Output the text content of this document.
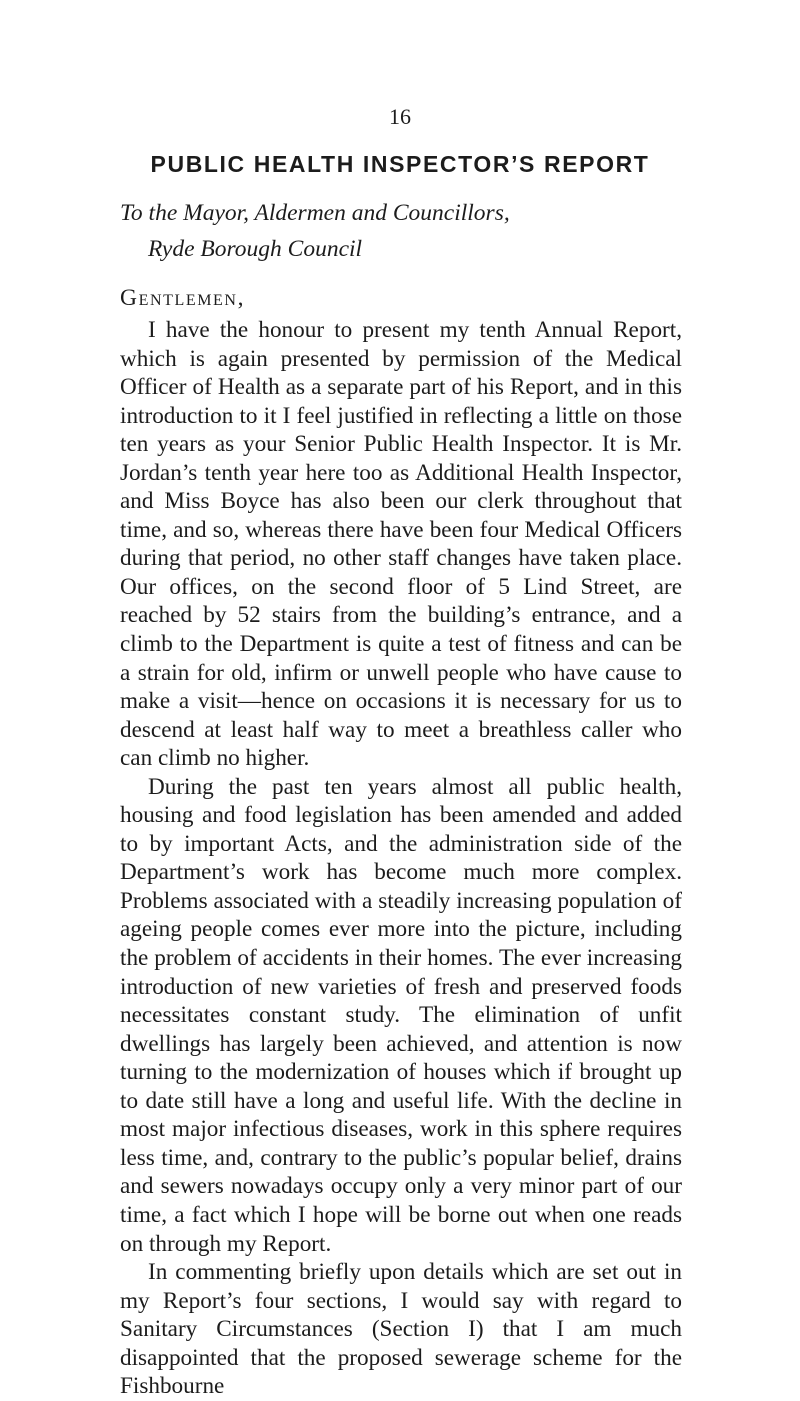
16
PUBLIC HEALTH INSPECTOR’S REPORT
To the Mayor, Aldermen and Councillors,
Ryde Borough Council
Gentlemen,

I have the honour to present my tenth Annual Report, which is again presented by permission of the Medical Officer of Health as a separate part of his Report, and in this introduction to it I feel justified in reflecting a little on those ten years as your Senior Public Health Inspector. It is Mr. Jordan’s tenth year here too as Additional Health Inspector, and Miss Boyce has also been our clerk throughout that time, and so, whereas there have been four Medical Officers during that period, no other staff changes have taken place. Our offices, on the second floor of 5 Lind Street, are reached by 52 stairs from the building’s entrance, and a climb to the Department is quite a test of fitness and can be a strain for old, infirm or unwell people who have cause to make a visit—hence on occasions it is necessary for us to descend at least half way to meet a breathless caller who can climb no higher.

During the past ten years almost all public health, housing and food legislation has been amended and added to by important Acts, and the administration side of the Department’s work has become much more complex. Problems associated with a steadily increasing population of ageing people comes ever more into the picture, including the problem of accidents in their homes. The ever increasing introduction of new varieties of fresh and preserved foods necessitates constant study. The elimination of unfit dwellings has largely been achieved, and attention is now turning to the modernization of houses which if brought up to date still have a long and useful life. With the decline in most major infectious diseases, work in this sphere requires less time, and, contrary to the public’s popular belief, drains and sewers nowadays occupy only a very minor part of our time, a fact which I hope will be borne out when one reads on through my Report.

In commenting briefly upon details which are set out in my Report’s four sections, I would say with regard to Sanitary Circumstances (Section I) that I am much disappointed that the proposed sewerage scheme for the Fishbourne
